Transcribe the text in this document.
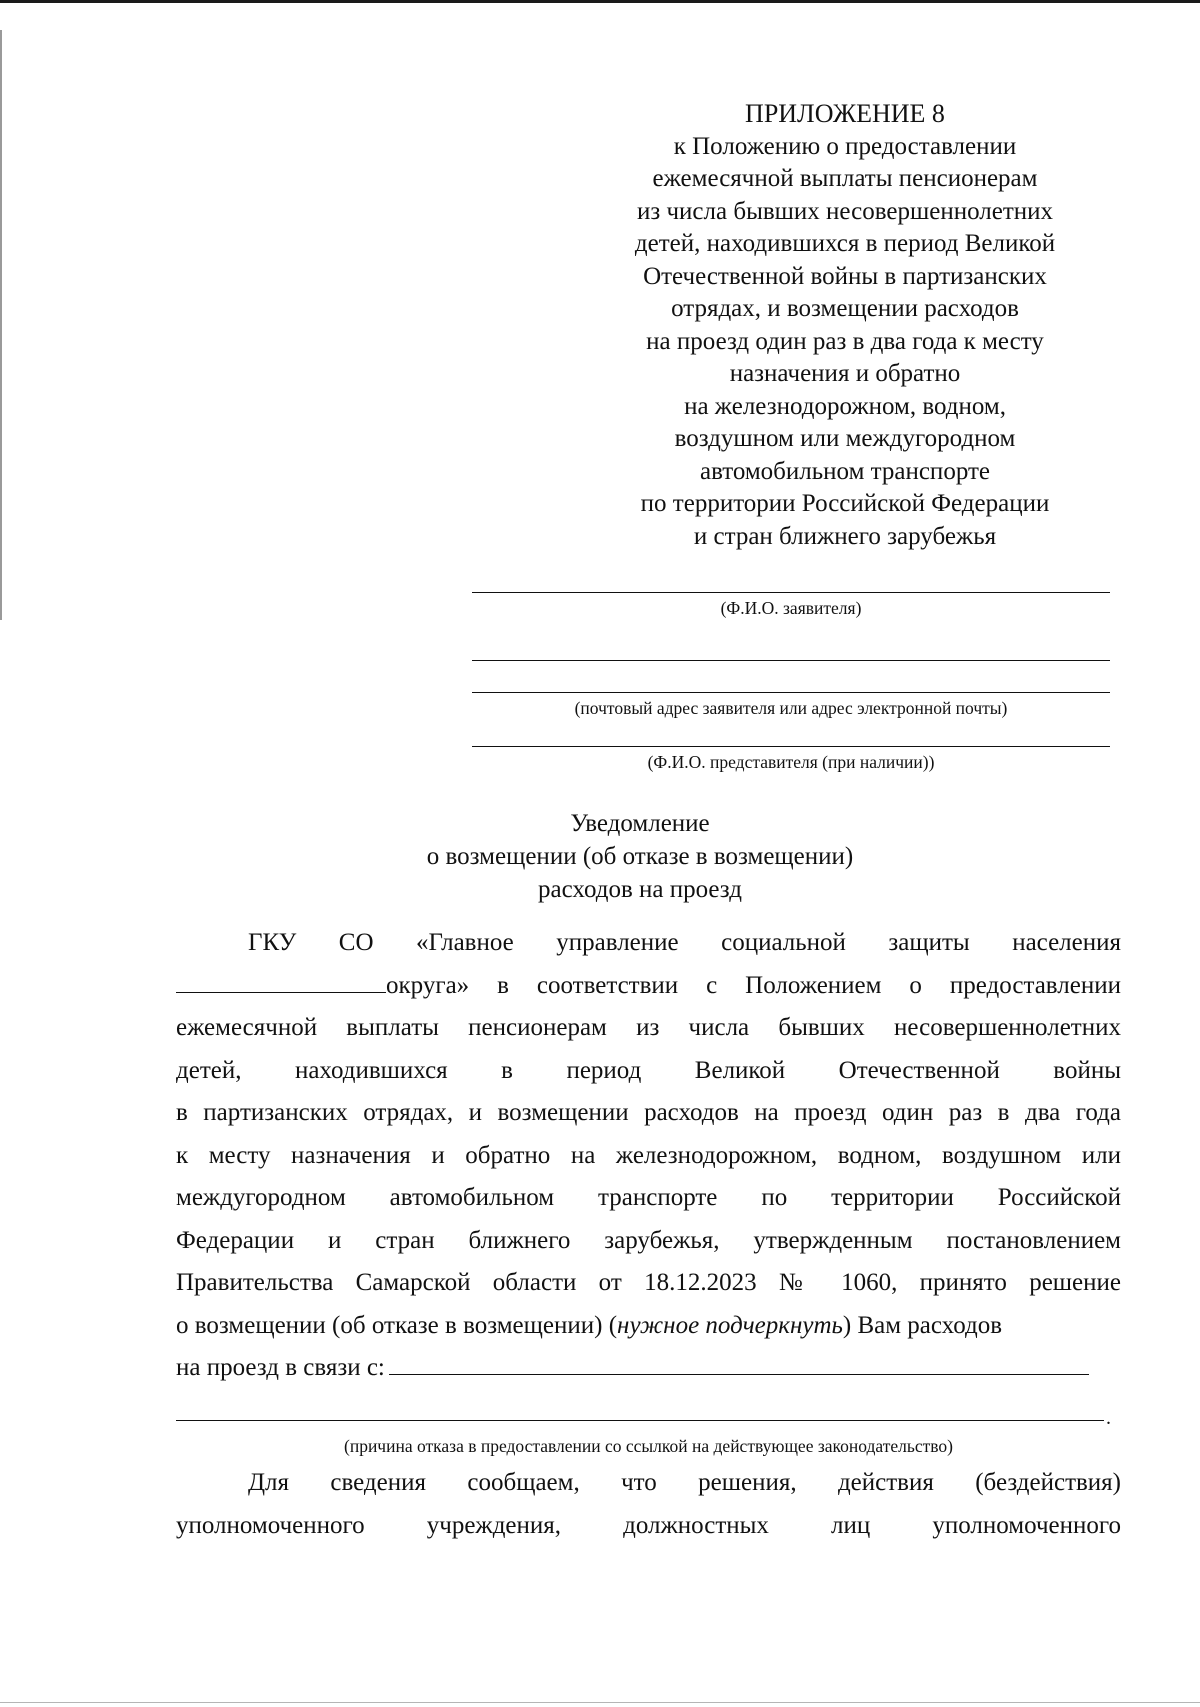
ПРИЛОЖЕНИЕ 8
к Положению о предоставлении
ежемесячной выплаты пенсионерам
из числа бывших несовершеннолетних
детей, находившихся в период Великой
Отечественной войны в партизанских
отрядах, и возмещении расходов
на проезд один раз в два года к месту
назначения и обратно
на железнодорожном, водном,
воздушном или междугородном
автомобильном транспорте
по территории Российской Федерации
и стран ближнего зарубежья
(Ф.И.О. заявителя)
(почтовый адрес заявителя или адрес электронной почты)
(Ф.И.О. представителя (при наличии))
Уведомление
о возмещении (об отказе в возмещении)
расходов на проезд
ГКУ СО «Главное управление социальной защиты населения
округа» в соответствии с Положением о предоставлении
ежемесячной выплаты пенсионерам из числа бывших несовершеннолетних
детей, находившихся в период Великой Отечественной войны
в партизанских отрядах, и возмещении расходов на проезд один раз в два года
к месту назначения и обратно на железнодорожном, водном, воздушном или
междугородном автомобильном транспорте по территории Российской
Федерации и стран ближнего зарубежья, утвержденным постановлением
Правительства Самарской области от 18.12.2023 № 1060, принято решение
о возмещении (об отказе в возмещении) (нужное подчеркнуть) Вам расходов
на проезд в связи с:
.
(причина отказа в предоставлении со ссылкой на действующее законодательство)
Для сведения сообщаем, что решения, действия (бездействия)
уполномоченного учреждения, должностных лиц уполномоченного
